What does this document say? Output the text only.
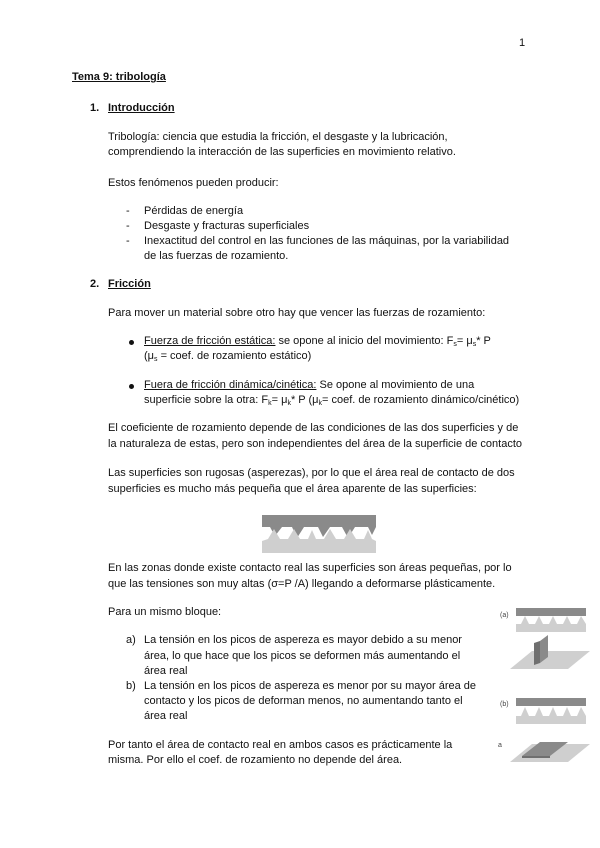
1
Tema 9: tribología
1. Introducción
Tribología: ciencia que estudia la fricción, el desgaste y la lubricación,
comprendiendo la interacción de las superficies en movimiento relativo.
Estos fenómenos pueden producir:
- Pérdidas de energía
- Desgaste y fracturas superficiales
- Inexactitud del control en las funciones de las máquinas, por la variabilidad
de las fuerzas de rozamiento.
2. Fricción
Para mover un material sobre otro hay que vencer las fuerzas de rozamiento:
Fuerza de fricción estática: se opone al inicio del movimiento: $F_s= \mu_s*$ P
($\mu_s$ = coef. de rozamiento estático)
Fuera de fricción dinámica/cinética: Se opone al movimiento de una
superficie sobre la otra: $F_k= \mu_k*$ P ($\mu_k=$ coef. de rozamiento dinámico/cinético)
El coeficiente de rozamiento depende de las condiciones de las dos superficies y de
la naturaleza de estas, pero son independientes del área de la superficie de contacto
Las superficies son rugosas (asperezas), por lo que el área real de contacto de dos
superficies es mucho más pequeña que el área aparente de las superficies:
En las zonas donde existe contacto real las superficies son áreas pequeñas, por lo
que las tensiones son muy altas (σ=P /A) llegando a deformarse plásticamente.
Para un mismo bloque:
a) La tensión en los picos de aspereza es mayor debido a su menor
área, lo que hace que los picos se deformen más aumentando el
área real
b) La tensión en los picos de aspereza es menor por su mayor área de
contacto y los picos de deforman menos, no aumentando tanto el
área real
Por tanto el área de contacto real en ambos casos es prácticamente la
misma. Por ello el coef. de rozamiento no depende del área.
(a)
(b)
a
